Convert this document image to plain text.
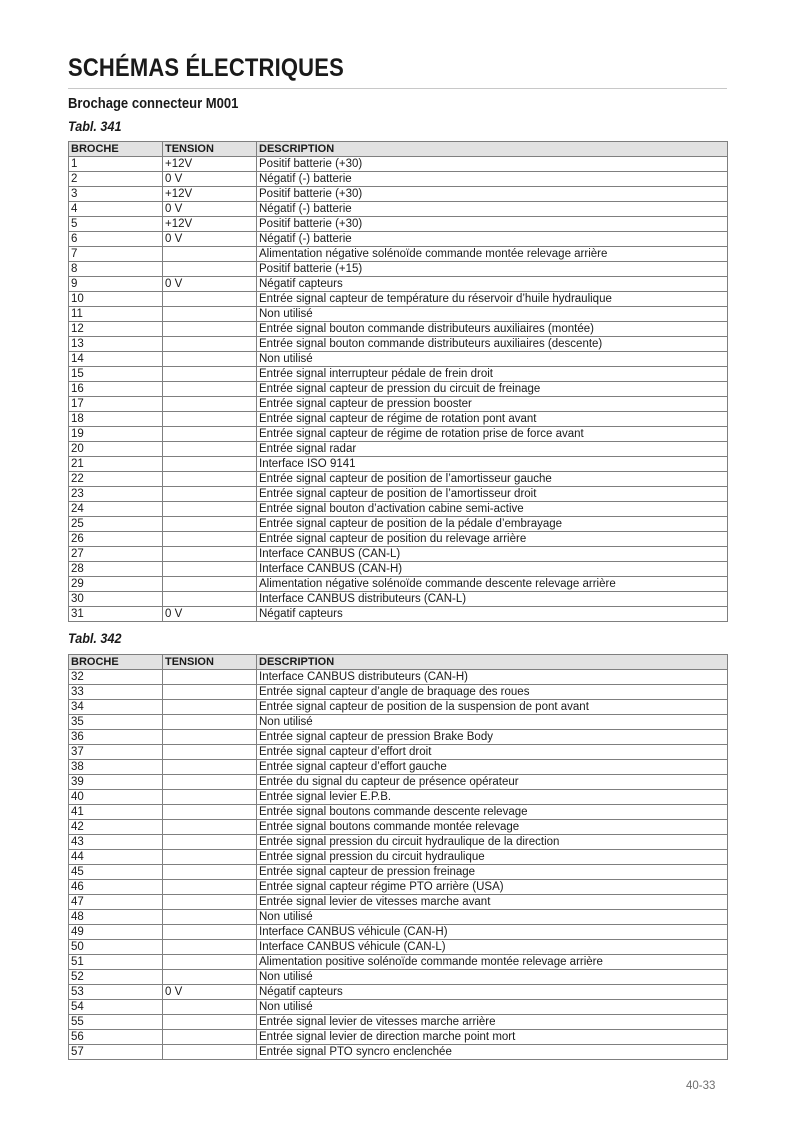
SCHÉMAS ÉLECTRIQUES
Brochage connecteur M001
Tabl. 341
BROCHE	TENSION	DESCRIPTION
1	+12V	Positif batterie (+30)
2	0 V	Négatif (-) batterie
3	+12V	Positif batterie (+30)
4	0 V	Négatif (-) batterie
5	+12V	Positif batterie (+30)
6	0 V	Négatif (-) batterie
7		Alimentation négative solénoïde commande montée relevage arrière
8		Positif batterie (+15)
9	0 V	Négatif capteurs
10		Entrée signal capteur de température du réservoir d’huile hydraulique
11		Non utilisé
12		Entrée signal bouton commande distributeurs auxiliaires (montée)
13		Entrée signal bouton commande distributeurs auxiliaires (descente)
14		Non utilisé
15		Entrée signal interrupteur pédale de frein droit
16		Entrée signal capteur de pression du circuit de freinage
17		Entrée signal capteur de pression booster
18		Entrée signal capteur de régime de rotation pont avant
19		Entrée signal capteur de régime de rotation prise de force avant
20		Entrée signal radar
21		Interface ISO 9141
22		Entrée signal capteur de position de l’amortisseur gauche
23		Entrée signal capteur de position de l’amortisseur droit
24		Entrée signal bouton d’activation cabine semi-active
25		Entrée signal capteur de position de la pédale d’embrayage
26		Entrée signal capteur de position du relevage arrière
27		Interface CANBUS (CAN-L)
28		Interface CANBUS (CAN-H)
29		Alimentation négative solénoïde commande descente relevage arrière
30		Interface CANBUS distributeurs (CAN-L)
31	0 V	Négatif capteurs
Tabl. 342
BROCHE	TENSION	DESCRIPTION
32		Interface CANBUS distributeurs (CAN-H)
33		Entrée signal capteur d’angle de braquage des roues
34		Entrée signal capteur de position de la suspension de pont avant
35		Non utilisé
36		Entrée signal capteur de pression Brake Body
37		Entrée signal capteur d’effort droit
38		Entrée signal capteur d’effort gauche
39		Entrée du signal du capteur de présence opérateur
40		Entrée signal levier E.P.B.
41		Entrée signal boutons commande descente relevage
42		Entrée signal boutons commande montée relevage
43		Entrée signal pression du circuit hydraulique de la direction
44		Entrée signal pression du circuit hydraulique
45		Entrée signal capteur de pression freinage
46		Entrée signal capteur régime PTO arrière (USA)
47		Entrée signal levier de vitesses marche avant
48		Non utilisé
49		Interface CANBUS véhicule (CAN-H)
50		Interface CANBUS véhicule (CAN-L)
51		Alimentation positive solénoïde commande montée relevage arrière
52		Non utilisé
53	0 V	Négatif capteurs
54		Non utilisé
55		Entrée signal levier de vitesses marche arrière
56		Entrée signal levier de direction marche point mort
57		Entrée signal PTO syncro enclenchée
40-33
